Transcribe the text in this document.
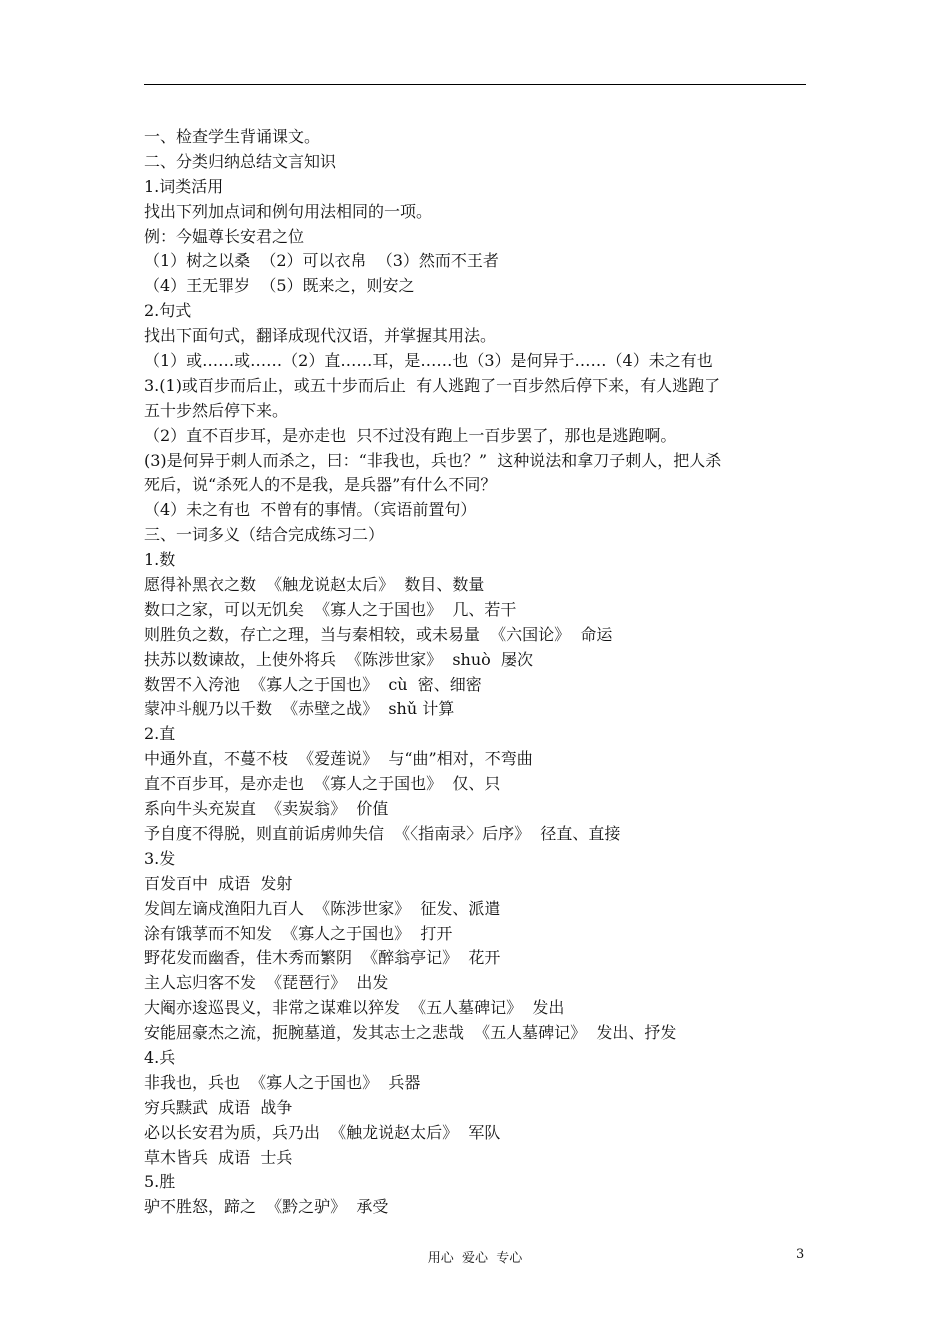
一、检查学生背诵课文。
二、分类归纳总结文言知识
1.词类活用
找出下列加点词和例句用法相同的一项。
例：今媪尊长安君之位
（1）树之以桑  （2）可以衣帛  （3）然而不王者
（4）王无罪岁  （5）既来之，则安之
2.句式
找出下面句式，翻译成现代汉语，并掌握其用法。
（1）或……或……（2）直……耳，是……也（3）是何异于……（4）未之有也
3.(1)或百步而后止，或五十步而后止  有人逃跑了一百步然后停下来，有人逃跑了
五十步然后停下来。
（2）直不百步耳，是亦走也  只不过没有跑上一百步罢了，那也是逃跑啊。
(3)是何异于刺人而杀之，曰：“非我也，兵也？”  这种说法和拿刀子刺人，把人杀
死后，说“杀死人的不是我，是兵器”有什么不同？
（4）未之有也  不曾有的事情。（宾语前置句）
三、一词多义（结合完成练习二）
1.数
愿得补黑衣之数  《触龙说赵太后》  数目、数量
数口之家，可以无饥矣  《寡人之于国也》  几、若干
则胜负之数，存亡之理，当与秦相较，或未易量  《六国论》  命运
扶苏以数谏故，上使外将兵  《陈涉世家》  shuò  屡次
数罟不入洿池  《寡人之于国也》  cù  密、细密
蒙冲斗舰乃以千数  《赤壁之战》  shǔ 计算
2.直
中通外直，不蔓不枝  《爱莲说》  与“曲”相对，不弯曲
直不百步耳，是亦走也  《寡人之于国也》  仅、只
系向牛头充炭直  《卖炭翁》  价值
予自度不得脱，则直前诟虏帅失信  《〈指南录〉后序》  径直、直接
3.发
百发百中  成语  发射
发闾左谪戍渔阳九百人  《陈涉世家》  征发、派遣
涂有饿莩而不知发  《寡人之于国也》  打开
野花发而幽香，佳木秀而繁阴  《醉翁亭记》  花开
主人忘归客不发  《琵琶行》  出发
大阉亦逡巡畏义，非常之谋难以猝发  《五人墓碑记》  发出
安能屈豪杰之流，扼腕墓道，发其志士之悲哉  《五人墓碑记》  发出、抒发
4.兵
非我也，兵也  《寡人之于国也》  兵器
穷兵黩武  成语  战争
必以长安君为质，兵乃出  《触龙说赵太后》  军队
草木皆兵  成语  士兵
5.胜
驴不胜怒，蹄之  《黔之驴》  承受
用心  爱心  专心	3
